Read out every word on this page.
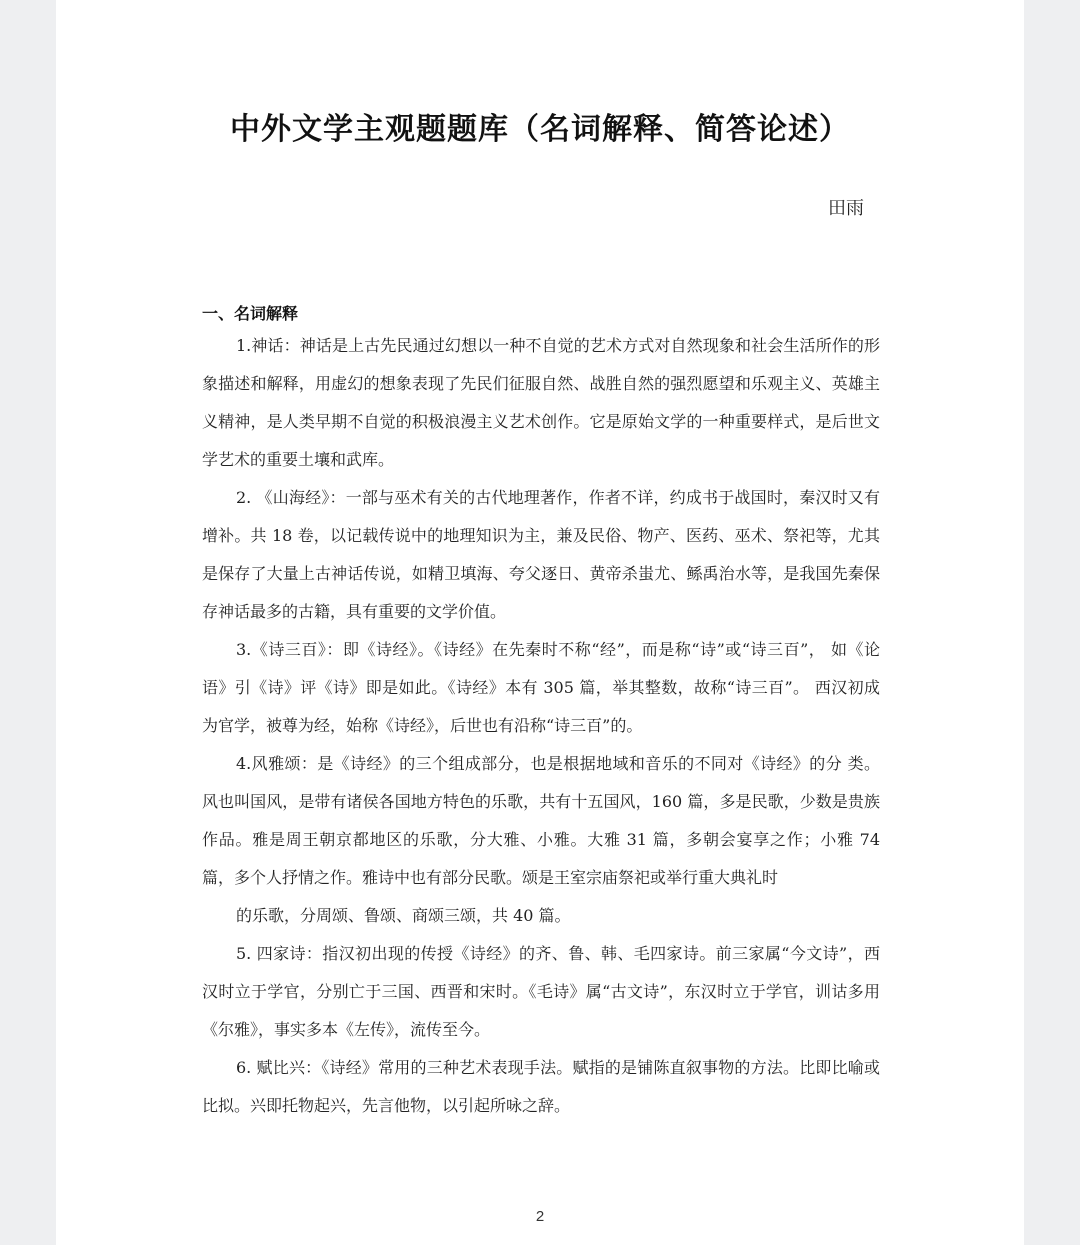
中外文学主观题题库（名词解释、简答论述）
田雨
一、名词解释

1.神话：神话是上古先民通过幻想以一种不自觉的艺术方式对自然现象和社会生活所作的形象描述和解释，用虚幻的想象表现了先民们征服自然、战胜自然的强烈愿望和乐观主义、英雄主义精神，是人类早期不自觉的积极浪漫主义艺术创作。它是原始文学的一种重要样式，是后世文学艺术的重要土壤和武库。

2. 《山海经》：一部与巫术有关的古代地理著作，作者不详，约成书于战国时，秦汉时又有增补。共 18 卷，以记载传说中的地理知识为主，兼及民俗、物产、医药、巫术、祭祀等，尤其是保存了大量上古神话传说，如精卫填海、夸父逐日、黄帝杀蚩尤、鲧禹治水等，是我国先秦保存神话最多的古籍，具有重要的文学价值。

3.《诗三百》：即《诗经》。《诗经》在先秦时不称“经”，而是称“诗”或“诗三百”， 如《论语》引《诗》评《诗》即是如此。《诗经》本有 305 篇，举其整数，故称“诗三百”。 西汉初成为官学，被尊为经，始称《诗经》，后世也有沿称“诗三百”的。

4.风雅颂：是《诗经》的三个组成部分，也是根据地域和音乐的不同对《诗经》的分 类。风也叫国风，是带有诸侯各国地方特色的乐歌，共有十五国风，160 篇，多是民歌，少数是贵族作品。雅是周王朝京都地区的乐歌，分大雅、小雅。大雅 31 篇，多朝会宴享之作；小雅 74 篇，多个人抒情之作。雅诗中也有部分民歌。颂是王室宗庙祭祀或举行重大典礼时

的乐歌，分周颂、鲁颂、商颂三颂，共 40 篇。

5. 四家诗：指汉初出现的传授《诗经》的齐、鲁、韩、毛四家诗。前三家属“今文诗”，西汉时立于学官，分别亡于三国、西晋和宋时。《毛诗》属“古文诗”，东汉时立于学官，训诂多用《尔雅》，事实多本《左传》，流传至今。

6. 赋比兴：《诗经》常用的三种艺术表现手法。赋指的是铺陈直叙事物的方法。比即比喻或比拟。兴即托物起兴，先言他物，以引起所咏之辞。

2
